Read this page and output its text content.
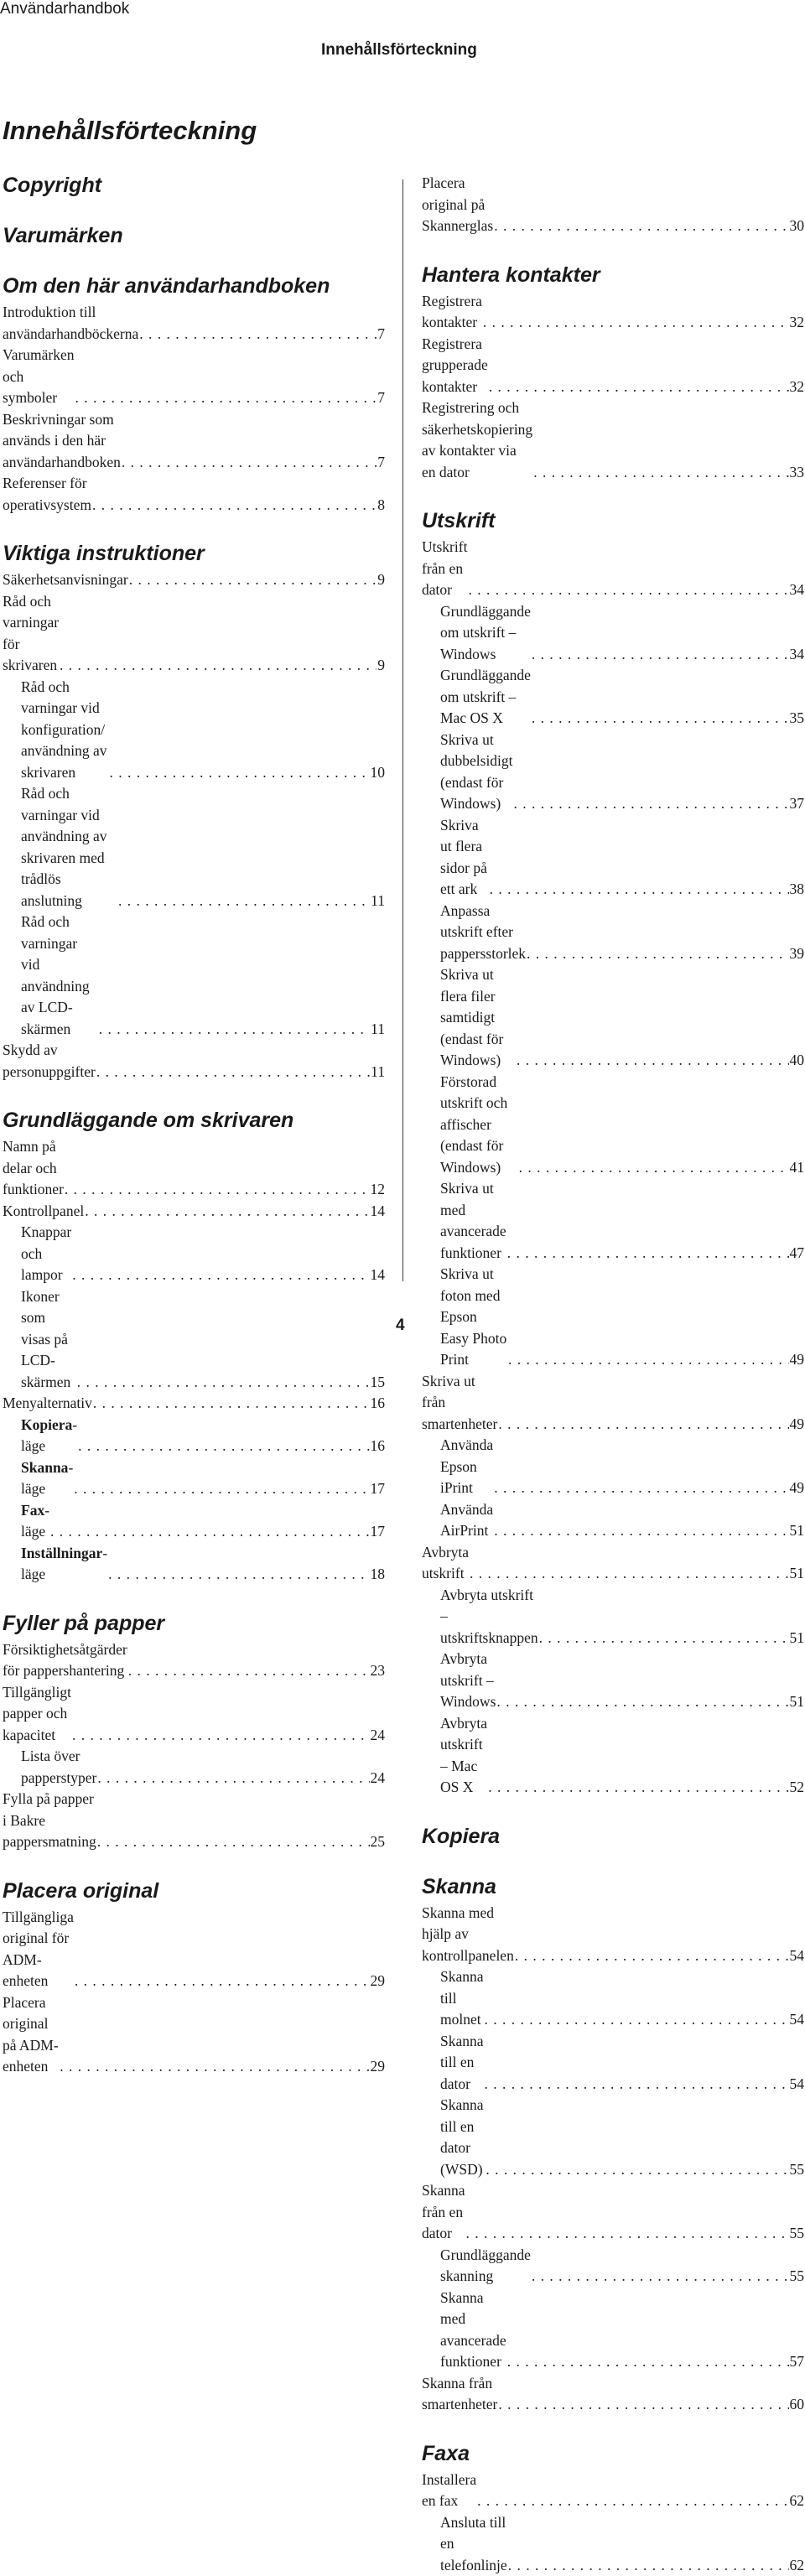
Användarhandbok
Innehållsförteckning
Innehållsförteckning
Copyright
Varumärken
Om den här användarhandboken
Introduktion till användarhandböckerna . . .	7
Varumärken och symboler . . .	7
Beskrivningar som används i den här användarhandboken . . .	7
Referenser för operativsystem . . .	8
Viktiga instruktioner
Säkerhetsanvisningar . . .	9
Råd och varningar för skrivaren . . .	9
Råd och varningar vid konfiguration/ användning av skrivaren . . .	10
Råd och varningar vid användning av skrivaren med trådlös anslutning . . .	11
Råd och varningar vid användning av LCD-skärmen . . .	11
Skydd av personuppgifter . . .	11
Grundläggande om skrivaren
Namn på delar och funktioner . . .	12
Kontrollpanel . . .	14
Knappar och lampor . . .	14
Ikoner som visas på LCD-skärmen . . .	15
Menyalternativ . . .	16
Kopiera-läge . . .	16
Skanna-läge . . .	17
Fax-läge . . .	17
Inställningar-läge . . .	18
Fyller på papper
Försiktighetsåtgärder för pappershantering . . .	23
Tillgängligt papper och kapacitet . . .	24
Lista över papperstyper . . .	24
Fylla på papper i Bakre pappersmatning . . .	25
Placera original
Tillgängliga original för ADM-enheten . . .	29
Placera original på ADM-enheten . . .	29
Placera original på Skannerglas . . .	30
Hantera kontakter
Registrera kontakter . . .	32
Registrera grupperade kontakter . . .	32
Registrering och säkerhetskopiering av kontakter via en dator . . .	33
Utskrift
Utskrift från en dator . . .	34
Grundläggande om utskrift – Windows . . .	34
Grundläggande om utskrift – Mac OS X . . .	35
Skriva ut dubbelsidigt (endast för Windows) . . .	37
Skriva ut flera sidor på ett ark . . .	38
Anpassa utskrift efter pappersstorlek . . .	39
Skriva ut flera filer samtidigt (endast för Windows) . . .	40
Förstorad utskrift och affischer (endast för Windows) . . .	41
Skriva ut med avancerade funktioner . . .	47
Skriva ut foton med Epson Easy Photo Print . . .	49
Skriva ut från smartenheter . . .	49
Använda Epson iPrint . . .	49
Använda AirPrint . . .	51
Avbryta utskrift . . .	51
Avbryta utskrift – utskriftsknappen . . .	51
Avbryta utskrift – Windows . . .	51
Avbryta utskrift – Mac OS X . . .	52
Kopiera
Skanna
Skanna med hjälp av kontrollpanelen . . .	54
Skanna till molnet . . .	54
Skanna till en dator . . .	54
Skanna till en dator (WSD) . . .	55
Skanna från en dator . . .	55
Grundläggande skanning . . .	55
Skanna med avancerade funktioner . . .	57
Skanna från smartenheter . . .	60
Faxa
Installera en fax . . .	62
Ansluta till en telefonlinje . . .	62
4
